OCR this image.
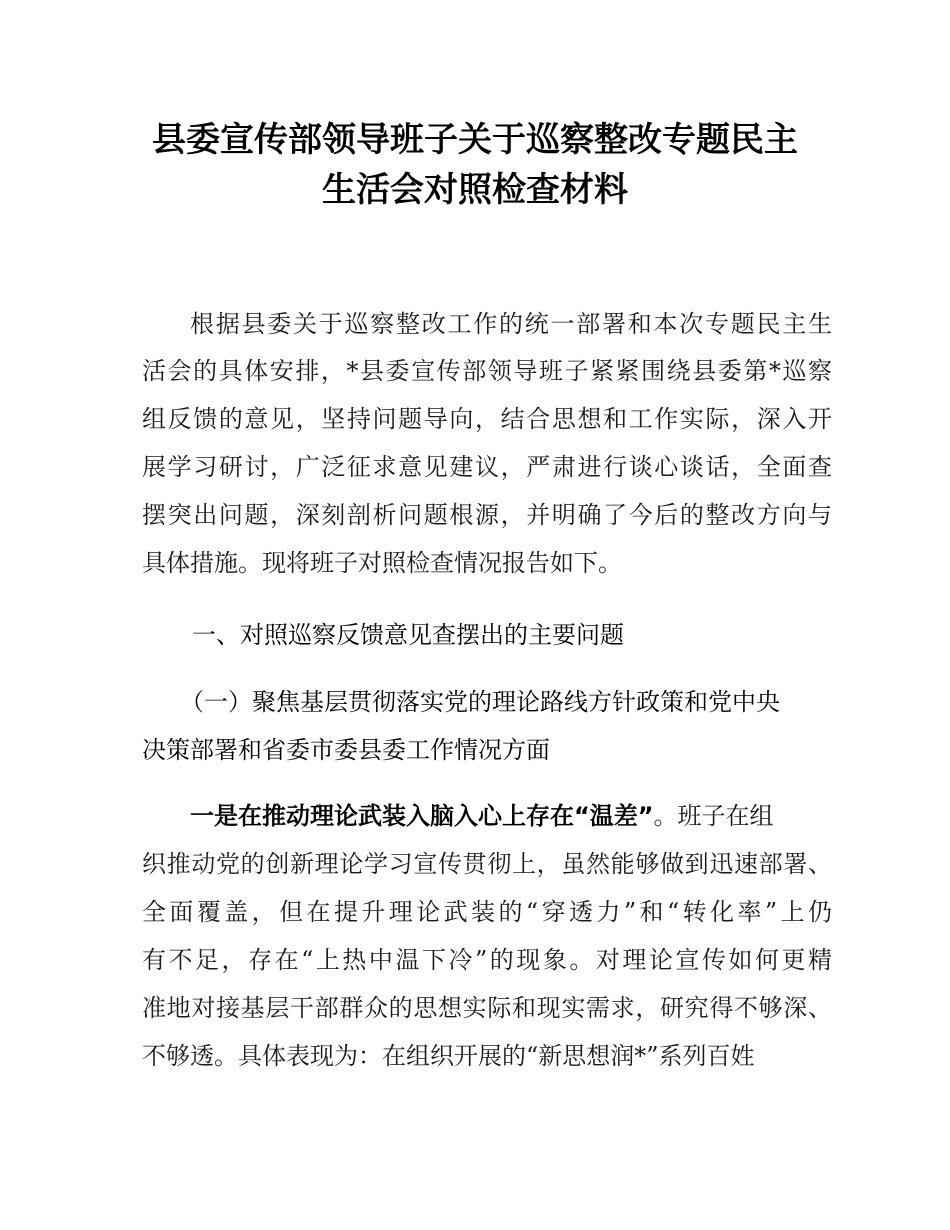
县委宣传部领导班子关于巡察整改专题民主
生活会对照检查材料
根据县委关于巡察整改工作的统一部署和本次专题民主生
活会的具体安排，*县委宣传部领导班子紧紧围绕县委第*巡察
组反馈的意见，坚持问题导向，结合思想和工作实际，深入开
展学习研讨，广泛征求意见建议，严肃进行谈心谈话，全面查
摆突出问题，深刻剖析问题根源，并明确了今后的整改方向与
具体措施。现将班子对照检查情况报告如下。
一、对照巡察反馈意见查摆出的主要问题
（一）聚焦基层贯彻落实党的理论路线方针政策和党中央
决策部署和省委市委县委工作情况方面
一是在推动理论武装入脑入心上存在“温差”。班子在组
织推动党的创新理论学习宣传贯彻上，虽然能够做到迅速部署、
全面覆盖，但在提升理论武装的“穿透力”和“转化率”上仍
有不足，存在“上热中温下冷”的现象。对理论宣传如何更精
准地对接基层干部群众的思想实际和现实需求，研究得不够深、
不够透。具体表现为：在组织开展的“新思想润*”系列百姓
